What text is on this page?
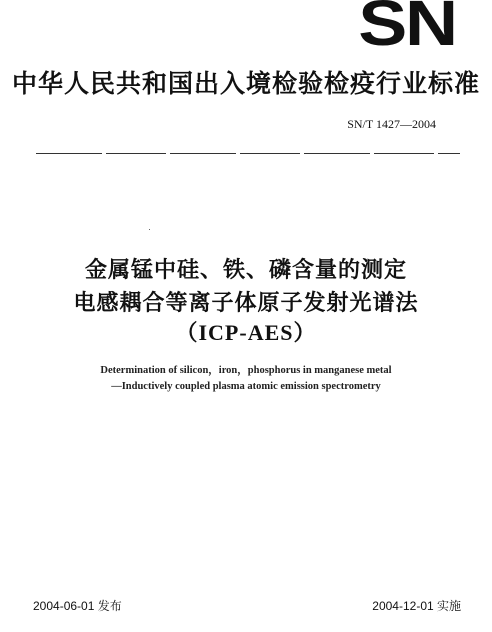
SN
中华人民共和国出入境检验检疫行业标准
SN/T 1427—2004
金属锰中硅、铁、磷含量的测定
电感耦合等离子体原子发射光谱法
（ICP-AES）
Determination of silicon，iron，phosphorus in manganese metal
—Inductively coupled plasma atomic emission spectrometry
2004-06-01 发布	2004-12-01 实施
